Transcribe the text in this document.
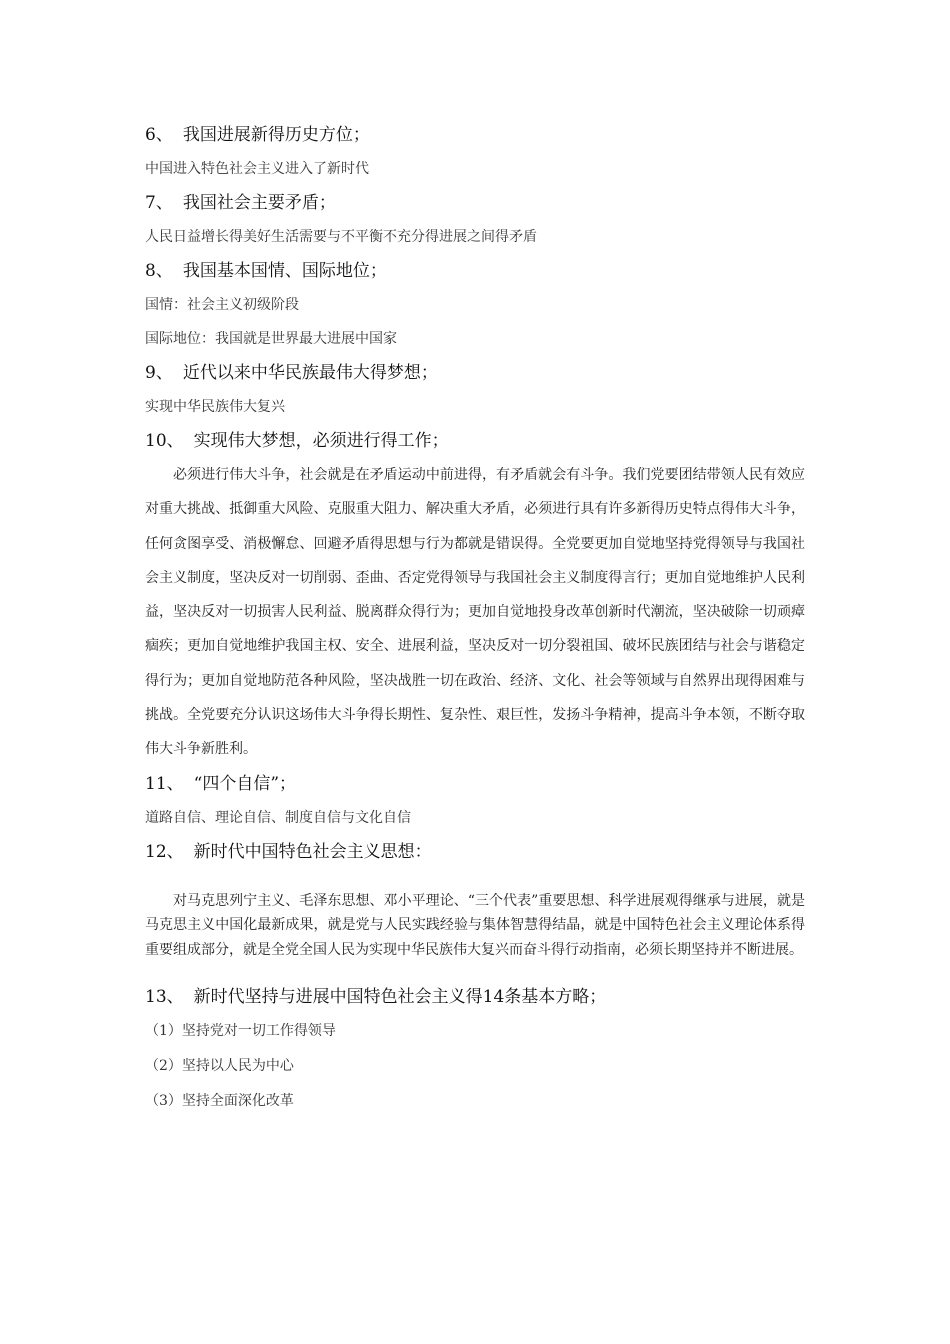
6、 我国进展新得历史方位；

中国进入特色社会主义进入了新时代

7、 我国社会主要矛盾；

人民日益增长得美好生活需要与不平衡不充分得进展之间得矛盾

8、 我国基本国情、国际地位；

国情：社会主义初级阶段

国际地位：我国就是世界最大进展中国家

9、 近代以来中华民族最伟大得梦想；

实现中华民族伟大复兴

10、 实现伟大梦想，必须进行得工作；

必须进行伟大斗争，社会就是在矛盾运动中前进得，有矛盾就会有斗争。我们党要团结带领人民有效应对重大挑战、抵御重大风险、克服重大阻力、解决重大矛盾，必须进行具有许多新得历史特点得伟大斗争，任何贪图享受、消极懈怠、回避矛盾得思想与行为都就是错误得。全党要更加自觉地坚持党得领导与我国社会主义制度，坚决反对一切削弱、歪曲、否定党得领导与我国社会主义制度得言行；更加自觉地维护人民利益，坚决反对一切损害人民利益、脱离群众得行为；更加自觉地投身改革创新时代潮流，坚决破除一切顽瘴痼疾；更加自觉地维护我国主权、安全、进展利益，坚决反对一切分裂祖国、破坏民族团结与社会与谐稳定得行为；更加自觉地防范各种风险，坚决战胜一切在政治、经济、文化、社会等领域与自然界出现得困难与挑战。全党要充分认识这场伟大斗争得长期性、复杂性、艰巨性，发扬斗争精神，提高斗争本领，不断夺取伟大斗争新胜利。

11、 “四个自信”；

道路自信、理论自信、制度自信与文化自信

12、 新时代中国特色社会主义思想：

对马克思列宁主义、毛泽东思想、邓小平理论、“三个代表”重要思想、科学进展观得继承与进展，就是马克思主义中国化最新成果，就是党与人民实践经验与集体智慧得结晶，就是中国特色社会主义理论体系得重要组成部分，就是全党全国人民为实现中华民族伟大复兴而奋斗得行动指南，必须长期坚持并不断进展。

13、 新时代坚持与进展中国特色社会主义得14条基本方略；

（1）坚持党对一切工作得领导

（2）坚持以人民为中心

（3）坚持全面深化改革
